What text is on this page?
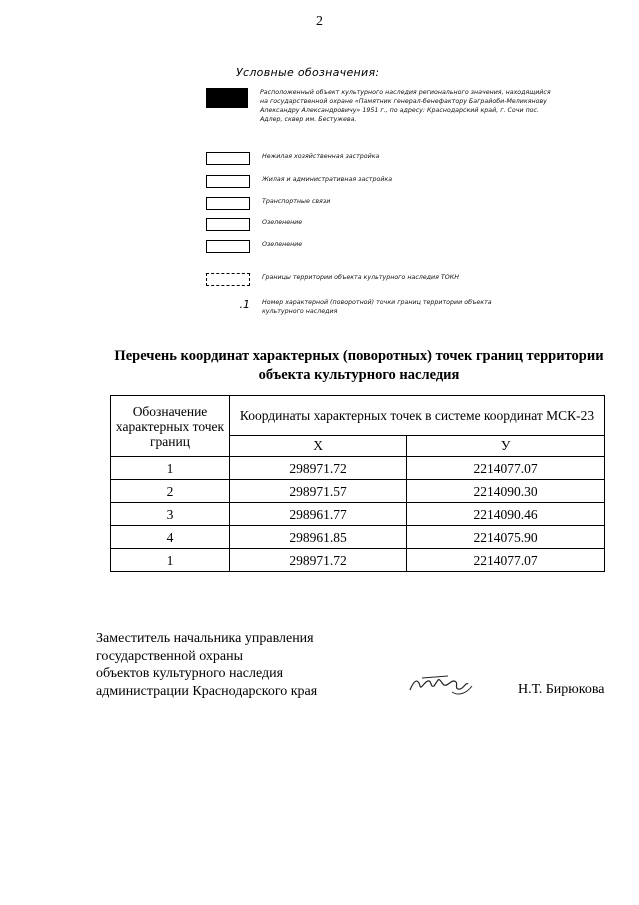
2
Условные обозначения:
Расположенный объект культурного наследия регионального значения, находящийся на государственной охране «Памятник генерал-бенефактору Баграйоби-Меликянову Александру Александровичу» 1951 г., по адресу: Краснодарский край, г. Сочи пос. Адлер, сквер им. Бестужева.
Нежилая хозяйственная застройка
Жилая и административная застройка
Транспортные связи
Озеленение
Озеленение
Границы территории объекта культурного наследия ТОКН
.1 Номер характерной (поворотной) точки границ территории объекта культурного наследия
Перечень координат характерных (поворотных) точек границ территории объекта культурного наследия
Обозначение характерных точек границ	Координаты характерных точек в системе координат МСК-23	
	X	У
1	298971.72	2214077.07
2	298971.57	2214090.30
3	298961.77	2214090.46
4	298961.85	2214075.90
1	298971.72	2214077.07
Заместитель начальника управления
государственной охраны
объектов культурного наследия
администрации Краснодарского края	Н.Т. Бирюкова
